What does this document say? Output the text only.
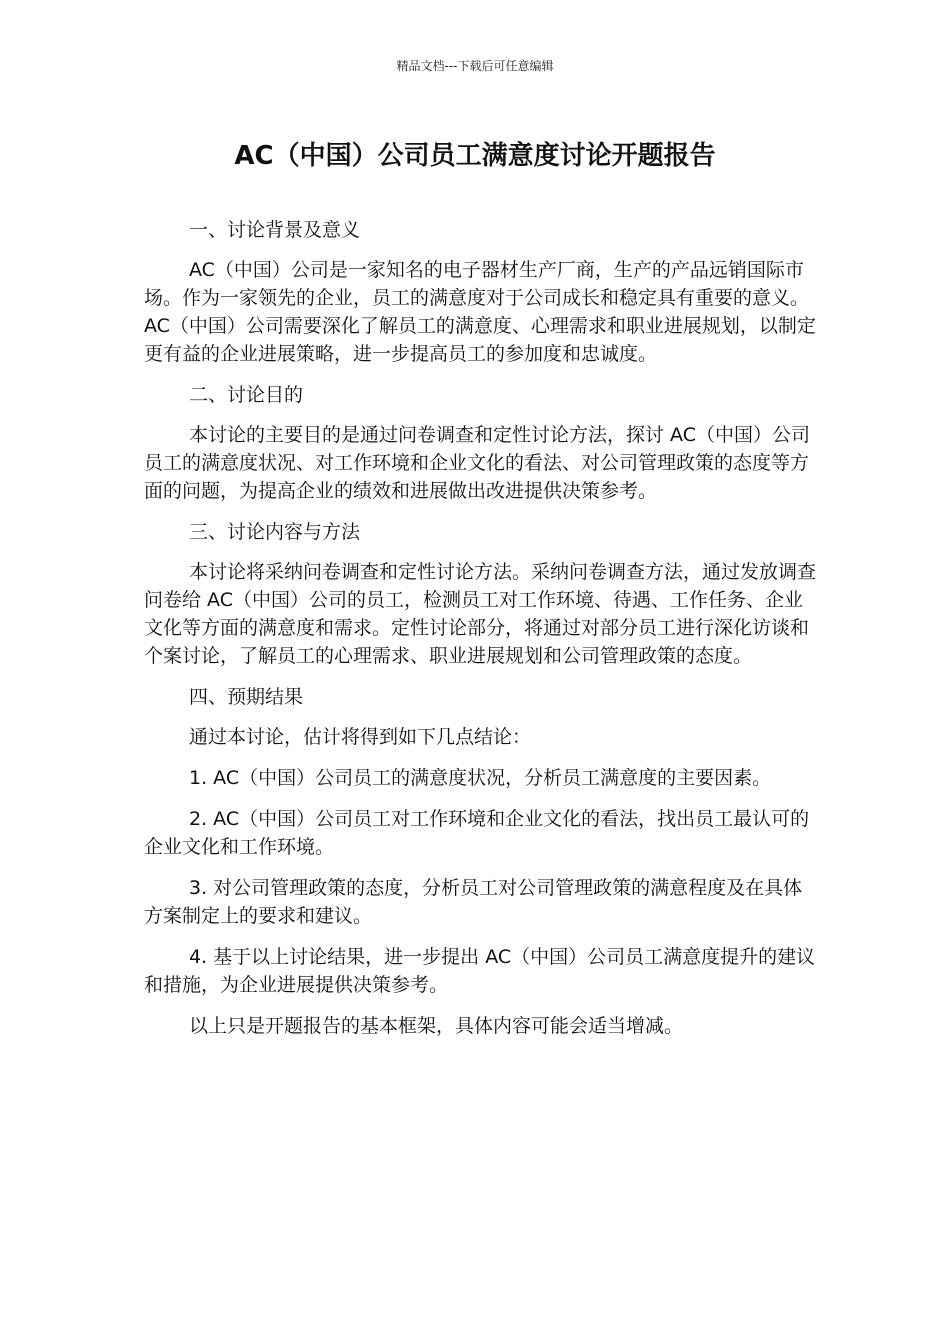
精品文档---下载后可任意编辑
AC（中国）公司员工满意度讨论开题报告

一、讨论背景及意义

AC（中国）公司是一家知名的电子器材生产厂商，生产的产品远销国际市场。作为一家领先的企业，员工的满意度对于公司成长和稳定具有重要的意义。AC（中国）公司需要深化了解员工的满意度、心理需求和职业进展规划，以制定更有益的企业进展策略，进一步提高员工的参加度和忠诚度。

二、讨论目的

本讨论的主要目的是通过问卷调查和定性讨论方法，探讨 AC（中国）公司员工的满意度状况、对工作环境和企业文化的看法、对公司管理政策的态度等方面的问题，为提高企业的绩效和进展做出改进提供决策参考。

三、讨论内容与方法

本讨论将采纳问卷调查和定性讨论方法。采纳问卷调查方法，通过发放调查问卷给 AC（中国）公司的员工，检测员工对工作环境、待遇、工作任务、企业文化等方面的满意度和需求。定性讨论部分，将通过对部分员工进行深化访谈和个案讨论，了解员工的心理需求、职业进展规划和公司管理政策的态度。

四、预期结果

通过本讨论，估计将得到如下几点结论：

1. AC（中国）公司员工的满意度状况，分析员工满意度的主要因素。

2. AC（中国）公司员工对工作环境和企业文化的看法，找出员工最认可的企业文化和工作环境。

3. 对公司管理政策的态度，分析员工对公司管理政策的满意程度及在具体方案制定上的要求和建议。

4. 基于以上讨论结果，进一步提出 AC（中国）公司员工满意度提升的建议和措施，为企业进展提供决策参考。

以上只是开题报告的基本框架，具体内容可能会适当增减。
